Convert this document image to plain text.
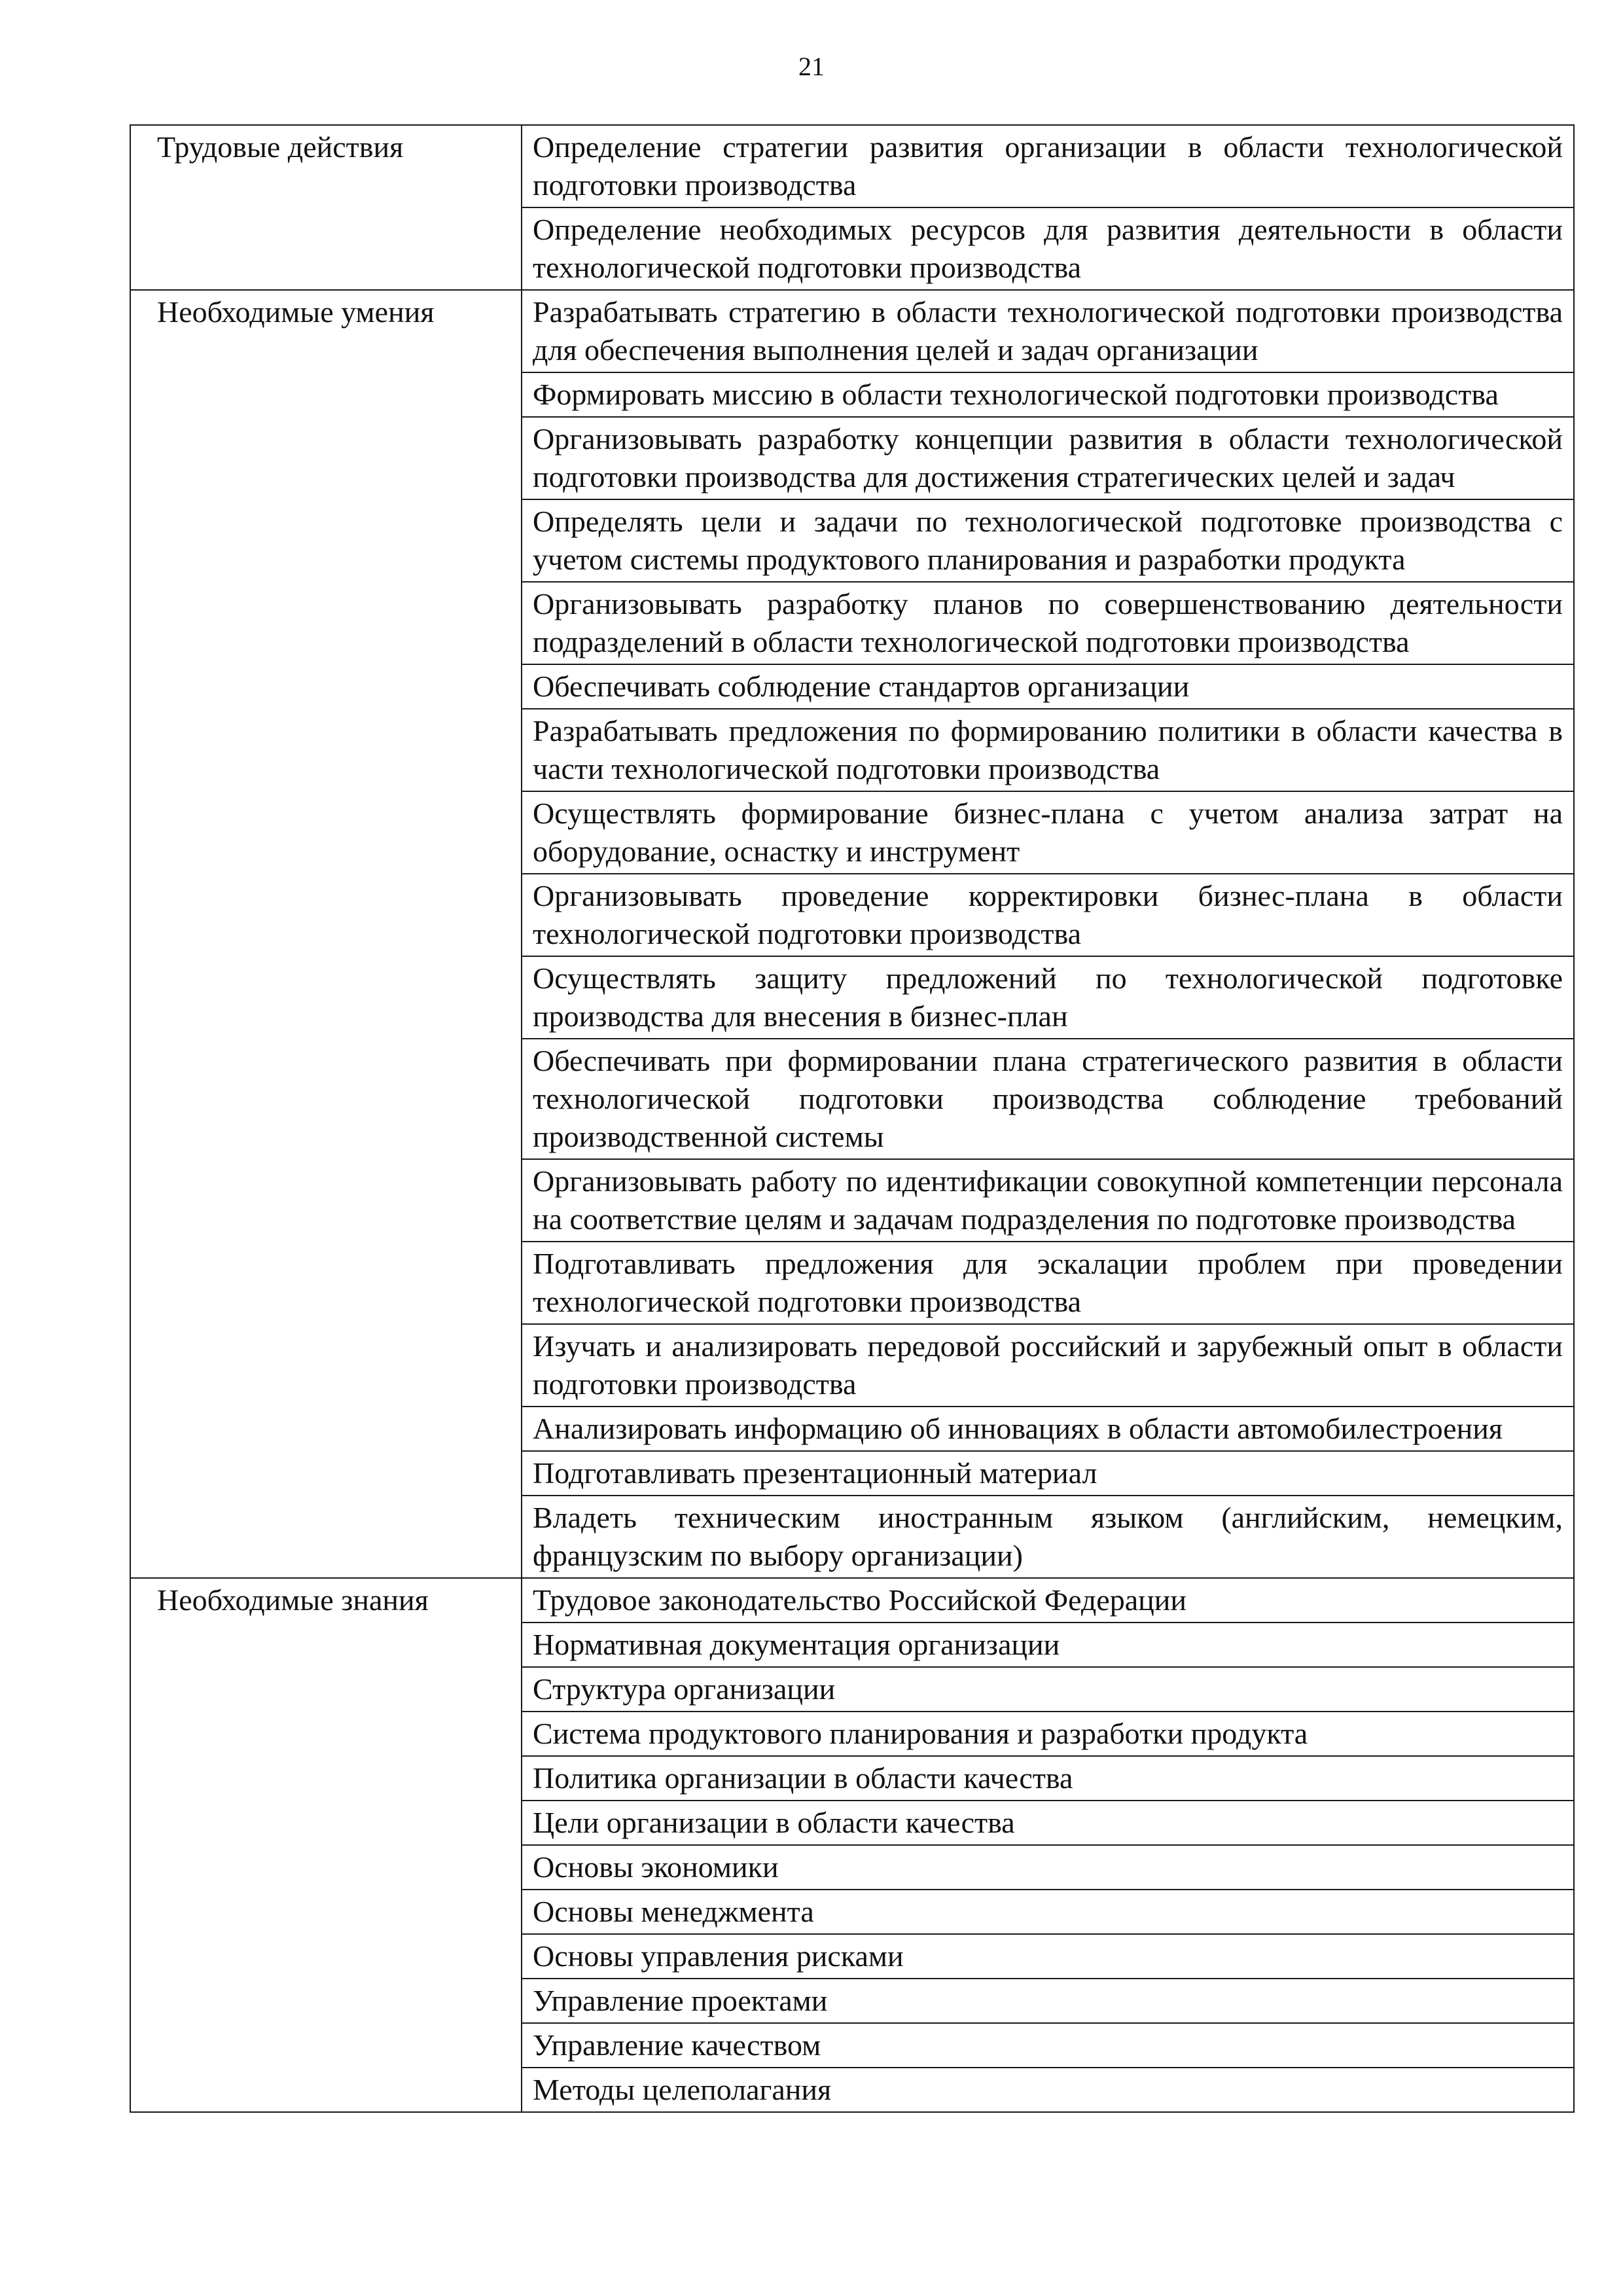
21
Трудовые действия	Определение стратегии развития организации в области технологической подготовки производства
	Определение необходимых ресурсов для развития деятельности в области технологической подготовки производства
Необходимые умения	Разрабатывать стратегию в области технологической подготовки производства для обеспечения выполнения целей и задач организации
	Формировать миссию в области технологической подготовки производства
	Организовывать разработку концепции развития в области технологической подготовки производства для достижения стратегических целей и задач
	Определять цели и задачи по технологической подготовке производства с учетом системы продуктового планирования и разработки продукта
	Организовывать разработку планов по совершенствованию деятельности подразделений в области технологической подготовки производства
	Обеспечивать соблюдение стандартов организации
	Разрабатывать предложения по формированию политики в области качества в части технологической подготовки производства
	Осуществлять формирование бизнес-плана с учетом анализа затрат на оборудование, оснастку и инструмент
	Организовывать проведение корректировки бизнес-плана в области технологической подготовки производства
	Осуществлять защиту предложений по технологической подготовке производства для внесения в бизнес-план
	Обеспечивать при формировании плана стратегического развития в области технологической подготовки производства соблюдение требований производственной системы
	Организовывать работу по идентификации совокупной компетенции персонала на соответствие целям и задачам подразделения по подготовке производства
	Подготавливать предложения для эскалации проблем при проведении технологической подготовки производства
	Изучать и анализировать передовой российский и зарубежный опыт в области подготовки производства
	Анализировать информацию об инновациях в области автомобилестроения
	Подготавливать презентационный материал
	Владеть техническим иностранным языком (английским, немецким, французским по выбору организации)
Необходимые знания	Трудовое законодательство Российской Федерации
	Нормативная документация организации
	Структура организации
	Система продуктового планирования и разработки продукта
	Политика организации в области качества
	Цели организации в области качества
	Основы экономики
	Основы менеджмента
	Основы управления рисками
	Управление проектами
	Управление качеством
	Методы целеполагания
